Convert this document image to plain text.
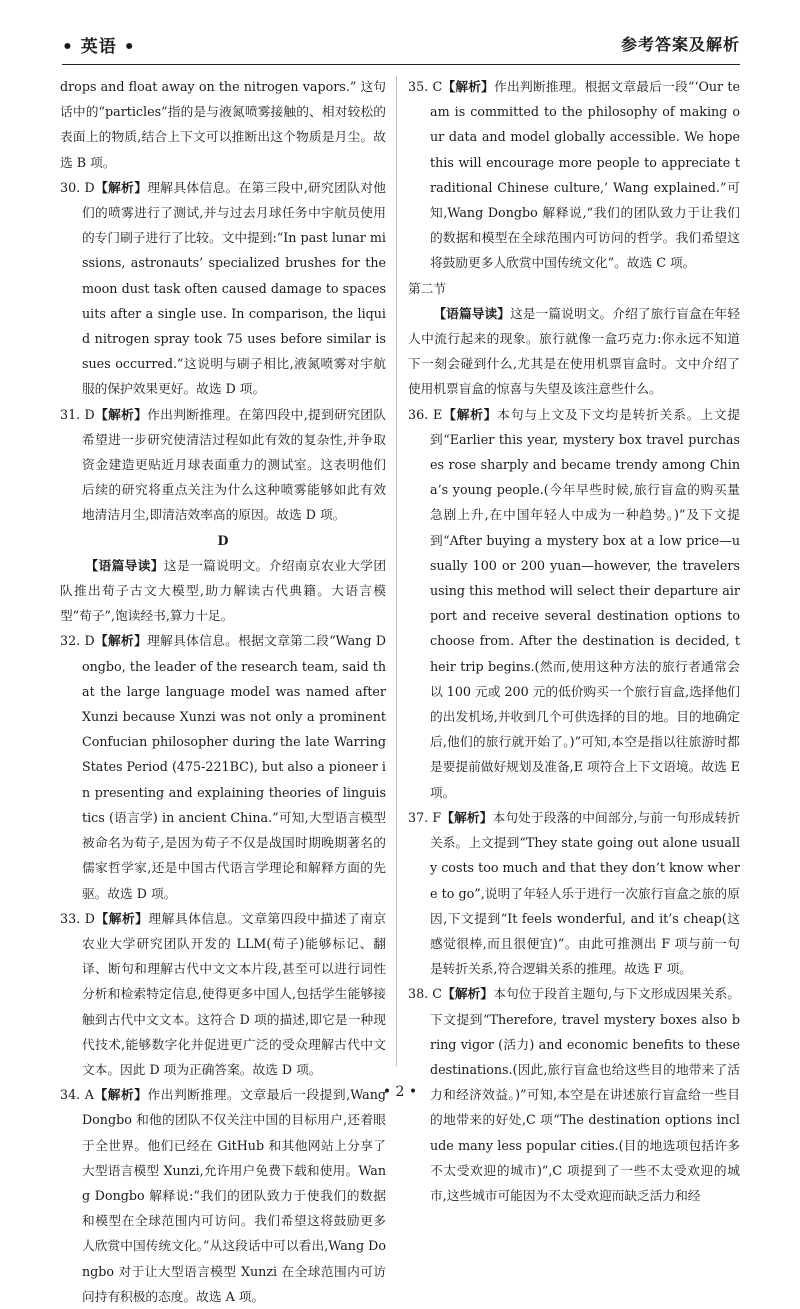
• 英语 •	参考答案及解析

drops and float away on the nitrogen vapors.” 这句话中的“particles”指的是与液氮喷雾接触的、相对较松的表面上的物质,结合上下文可以推断出这个物质是月尘。故选 B 项。

30. D【解析】理解具体信息。在第三段中,研究团队对他们的喷雾进行了测试,并与过去月球任务中宇航员使用的专门刷子进行了比较。文中提到:“In past lunar missions, astronauts’ specialized brushes for the moon dust task often caused damage to spacesuits after a single use. In comparison, the liquid nitrogen spray took 75 uses before similar issues occurred.”这说明与刷子相比,液氮喷雾对宇航服的保护效果更好。故选 D 项。

31. D【解析】作出判断推理。在第四段中,提到研究团队希望进一步研究使清洁过程如此有效的复杂性,并争取资金建造更贴近月球表面重力的测试室。这表明他们后续的研究将重点关注为什么这种喷雾能够如此有效地清洁月尘,即清洁效率高的原因。故选 D 项。

D

【语篇导读】这是一篇说明文。介绍南京农业大学团队推出荀子古文大模型,助力解读古代典籍。大语言模型“荀子”,饱读经书,算力十足。

32. D【解析】理解具体信息。根据文章第二段“Wang Dongbo, the leader of the research team, said that the large language model was named after Xunzi because Xunzi was not only a prominent Confucian philosopher during the late Warring States Period (475-221BC), but also a pioneer in presenting and explaining theories of linguistics (语言学) in ancient China.”可知,大型语言模型被命名为荀子,是因为荀子不仅是战国时期晚期著名的儒家哲学家,还是中国古代语言学理论和解释方面的先驱。故选 D 项。

33. D【解析】理解具体信息。文章第四段中描述了南京农业大学研究团队开发的 LLM(荀子)能够标记、翻译、断句和理解古代中文文本片段,甚至可以进行词性分析和检索特定信息,使得更多中国人,包括学生能够接触到古代中文文本。这符合 D 项的描述,即它是一种现代技术,能够数字化并促进更广泛的受众理解古代中文文本。因此 D 项为正确答案。故选 D 项。

34. A【解析】作出判断推理。文章最后一段提到,Wang Dongbo 和他的团队不仅关注中国的目标用户,还着眼于全世界。他们已经在 GitHub 和其他网站上分享了大型语言模型 Xunzi,允许用户免费下载和使用。Wang Dongbo 解释说:“我们的团队致力于使我们的数据和模型在全球范围内可访问。我们希望这将鼓励更多人欣赏中国传统文化。”从这段话中可以看出,Wang Dongbo 对于让大型语言模型 Xunzi 在全球范围内可访问持有积极的态度。故选 A 项。

35. C【解析】作出判断推理。根据文章最后一段“‘Our team is committed to the philosophy of making our data and model globally accessible. We hope this will encourage more people to appreciate traditional Chinese culture,’ Wang explained.”可知,Wang Dongbo 解释说,“我们的团队致力于让我们的数据和模型在全球范围内可访问的哲学。我们希望这将鼓励更多人欣赏中国传统文化”。故选 C 项。

第二节

【语篇导读】这是一篇说明文。介绍了旅行盲盒在年轻人中流行起来的现象。旅行就像一盒巧克力:你永远不知道下一刻会碰到什么,尤其是在使用机票盲盒时。文中介绍了使用机票盲盒的惊喜与失望及该注意些什么。

36. E【解析】本句与上文及下文均是转折关系。上文提到“Earlier this year, mystery box travel purchases rose sharply and became trendy among China’s young people.(今年早些时候,旅行盲盒的购买量急剧上升,在中国年轻人中成为一种趋势。)”及下文提到“After buying a mystery box at a low price—usually 100 or 200 yuan—however, the travelers using this method will select their departure airport and receive several destination options to choose from. After the destination is decided, their trip begins.(然而,使用这种方法的旅行者通常会以 100 元或 200 元的低价购买一个旅行盲盒,选择他们的出发机场,并收到几个可供选择的目的地。目的地确定后,他们的旅行就开始了。)”可知,本空是指以往旅游时都是要提前做好规划及准备,E 项符合上下文语境。故选 E 项。

37. F【解析】本句处于段落的中间部分,与前一句形成转折关系。上文提到“They state going out alone usually costs too much and that they don’t know where to go”,说明了年轻人乐于进行一次旅行盲盒之旅的原因,下文提到“It feels wonderful, and it’s cheap(这感觉很棒,而且很便宜)”。由此可推测出 F 项与前一句是转折关系,符合逻辑关系的推理。故选 F 项。

38. C【解析】本句位于段首主题句,与下文形成因果关系。下文提到“Therefore, travel mystery boxes also bring vigor (活力) and economic benefits to these destinations.(因此,旅行盲盒也给这些目的地带来了活力和经济效益。)”可知,本空是在讲述旅行盲盒给一些目的地带来的好处,C 项“The destination options include many less popular cities.(目的地选项包括许多不太受欢迎的城市)”,C 项提到了一些不太受欢迎的城市,这些城市可能因为不太受欢迎而缺乏活力和经

• 2 •
